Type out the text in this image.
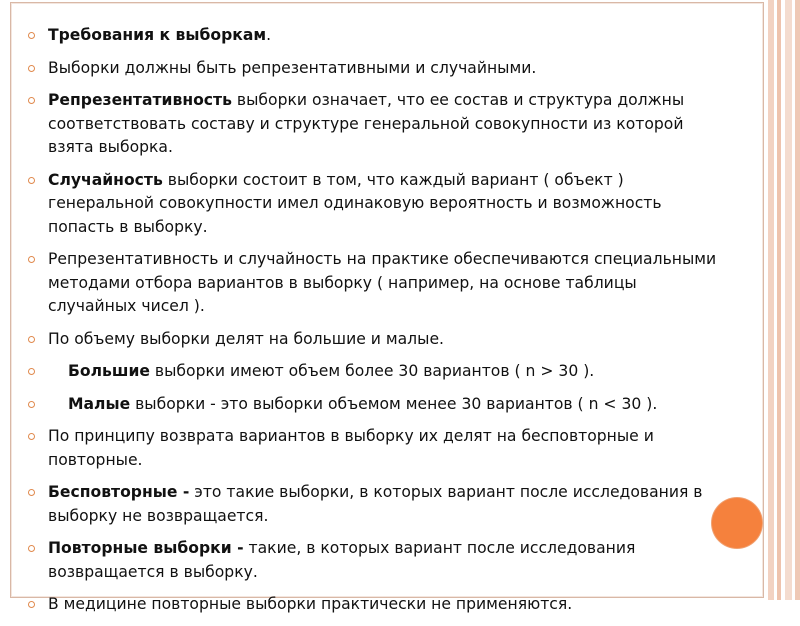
Требования к выборкам.
Выборки должны быть репрезентативными и случайными.
Репрезентативность выборки означает, что ее состав и структура должны соответствовать составу и структуре генеральной совокупности из которой взята выборка.
Случайность выборки состоит в том, что каждый вариант ( объект ) генеральной совокупности имел одинаковую вероятность и возможность попасть в выборку.
Репрезентативность и случайность на практике обеспечиваются специальными методами отбора вариантов в выборку ( например, на основе таблицы случайных чисел ).
По объему выборки делят на большие и малые.
Большие выборки имеют объем более 30 вариантов ( n > 30 ).
Малые выборки - это выборки объемом менее 30 вариантов ( n < 30 ).
По принципу возврата вариантов в выборку их делят на бесповторные и повторные.
Бесповторные - это такие выборки, в которых вариант после исследования в выборку не возвращается.
Повторные выборки - такие, в которых вариант после исследования возвращается в выборку.
В медицине повторные выборки практически не применяются.
